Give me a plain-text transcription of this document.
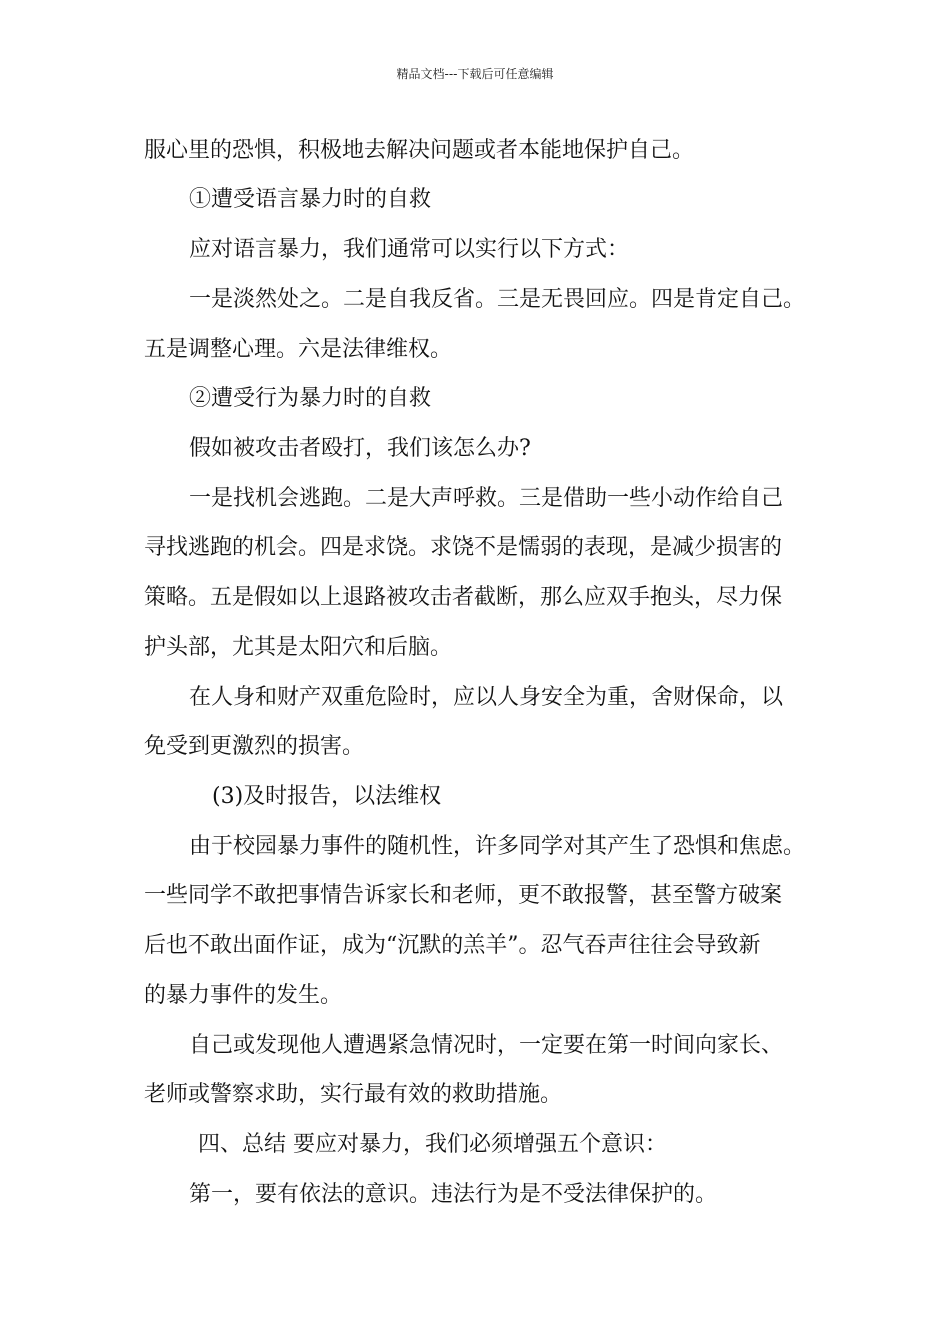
精品文档---下载后可任意编辑
服心里的恐惧，积极地去解决问题或者本能地保护自己。
①遭受语言暴力时的自救
应对语言暴力，我们通常可以实行以下方式：
一是淡然处之。二是自我反省。三是无畏回应。四是肯定自己。
五是调整心理。六是法律维权。
②遭受行为暴力时的自救
假如被攻击者殴打，我们该怎么办?
一是找机会逃跑。二是大声呼救。三是借助一些小动作给自己
寻找逃跑的机会。四是求饶。求饶不是懦弱的表现，是减少损害的
策略。五是假如以上退路被攻击者截断，那么应双手抱头，尽力保
护头部，尤其是太阳穴和后脑。
在人身和财产双重危险时，应以人身安全为重，舍财保命，以
免受到更激烈的损害。
(3)及时报告，以法维权
由于校园暴力事件的随机性，许多同学对其产生了恐惧和焦虑。
一些同学不敢把事情告诉家长和老师，更不敢报警，甚至警方破案
后也不敢出面作证，成为“沉默的羔羊”。忍气吞声往往会导致新
的暴力事件的发生。
自己或发现他人遭遇紧急情况时，一定要在第一时间向家长、
老师或警察求助，实行最有效的救助措施。
四、总结 要应对暴力，我们必须增强五个意识：
第一，要有依法的意识。违法行为是不受法律保护的。
